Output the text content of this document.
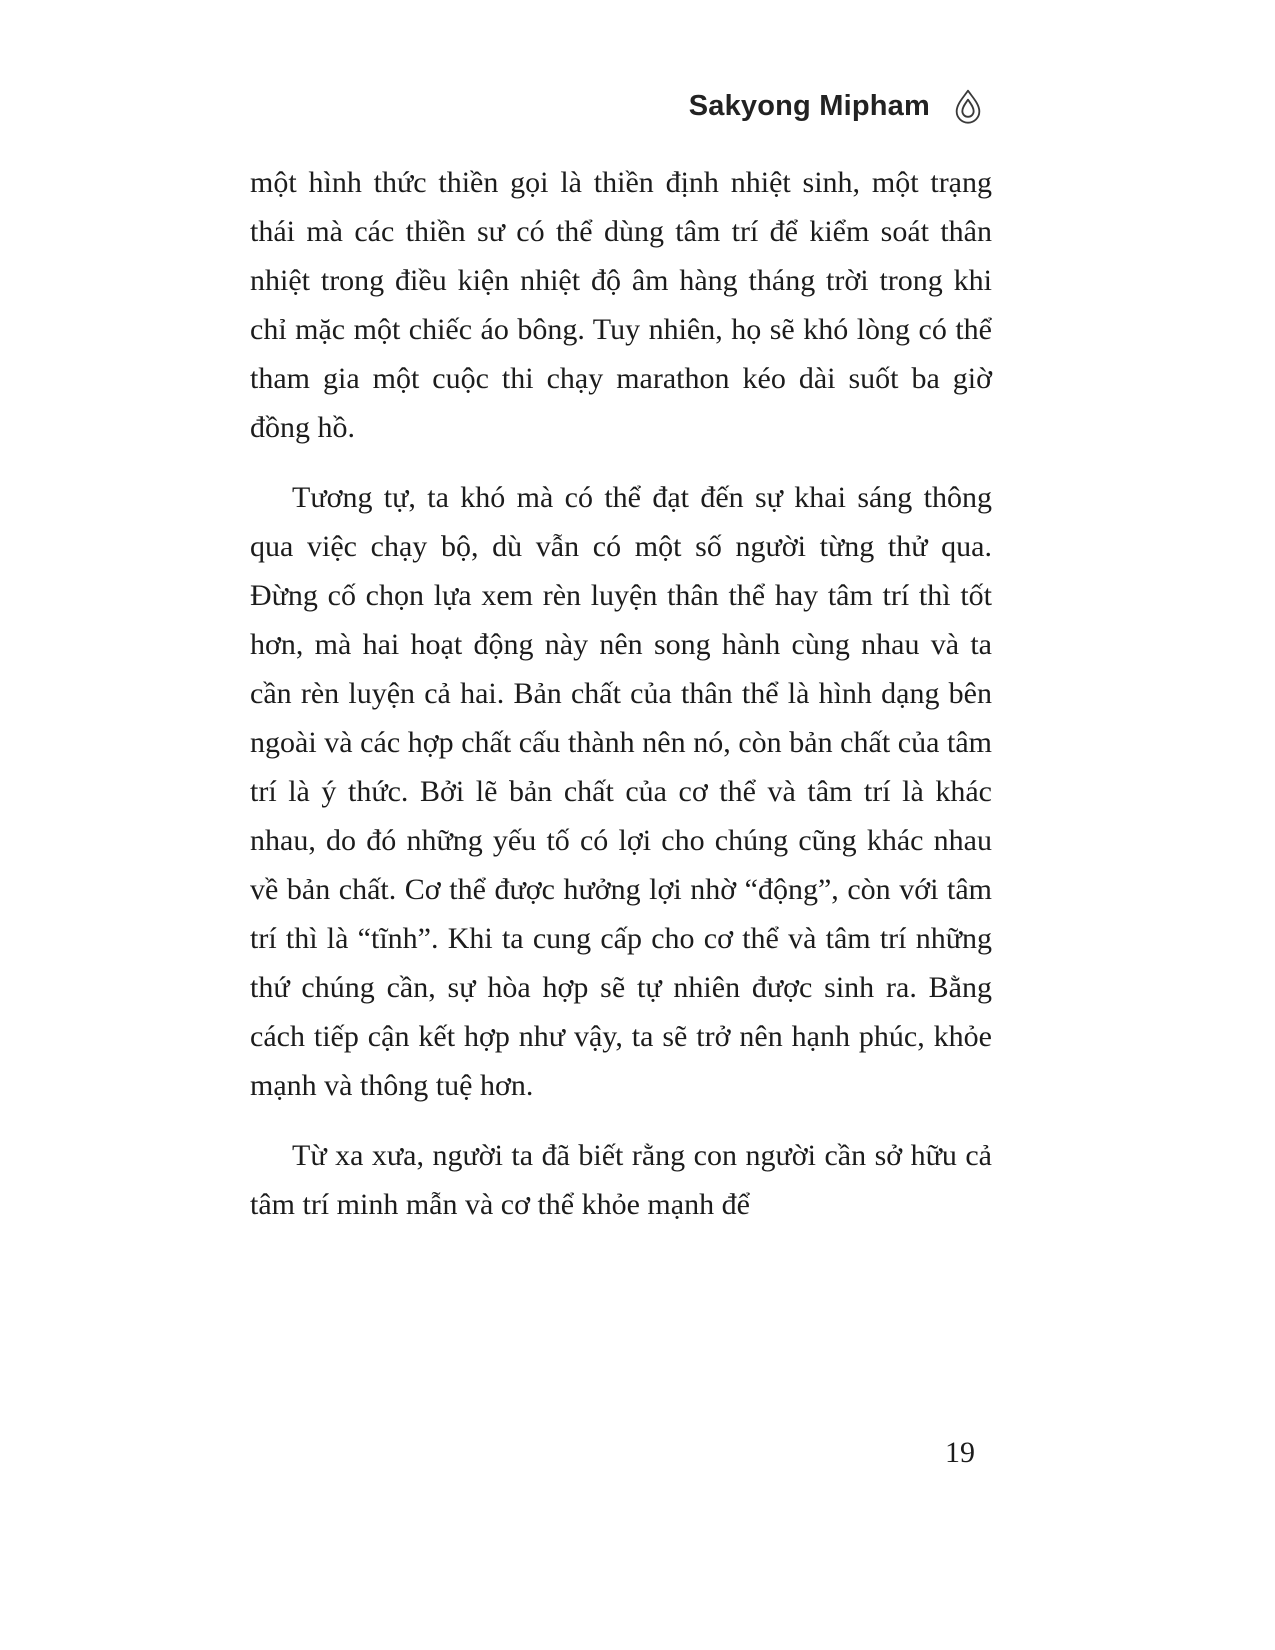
Sakyong Mipham

một hình thức thiền gọi là thiền định nhiệt sinh, một trạng thái mà các thiền sư có thể dùng tâm trí để kiểm soát thân nhiệt trong điều kiện nhiệt độ âm hàng tháng trời trong khi chỉ mặc một chiếc áo bông. Tuy nhiên, họ sẽ khó lòng có thể tham gia một cuộc thi chạy marathon kéo dài suốt ba giờ đồng hồ.

Tương tự, ta khó mà có thể đạt đến sự khai sáng thông qua việc chạy bộ, dù vẫn có một số người từng thử qua. Đừng cố chọn lựa xem rèn luyện thân thể hay tâm trí thì tốt hơn, mà hai hoạt động này nên song hành cùng nhau và ta cần rèn luyện cả hai. Bản chất của thân thể là hình dạng bên ngoài và các hợp chất cấu thành nên nó, còn bản chất của tâm trí là ý thức. Bởi lẽ bản chất của cơ thể và tâm trí là khác nhau, do đó những yếu tố có lợi cho chúng cũng khác nhau về bản chất. Cơ thể được hưởng lợi nhờ “động”, còn với tâm trí thì là “tĩnh”. Khi ta cung cấp cho cơ thể và tâm trí những thứ chúng cần, sự hòa hợp sẽ tự nhiên được sinh ra. Bằng cách tiếp cận kết hợp như vậy, ta sẽ trở nên hạnh phúc, khỏe mạnh và thông tuệ hơn.

Từ xa xưa, người ta đã biết rằng con người cần sở hữu cả tâm trí minh mẫn và cơ thể khỏe mạnh để

19
